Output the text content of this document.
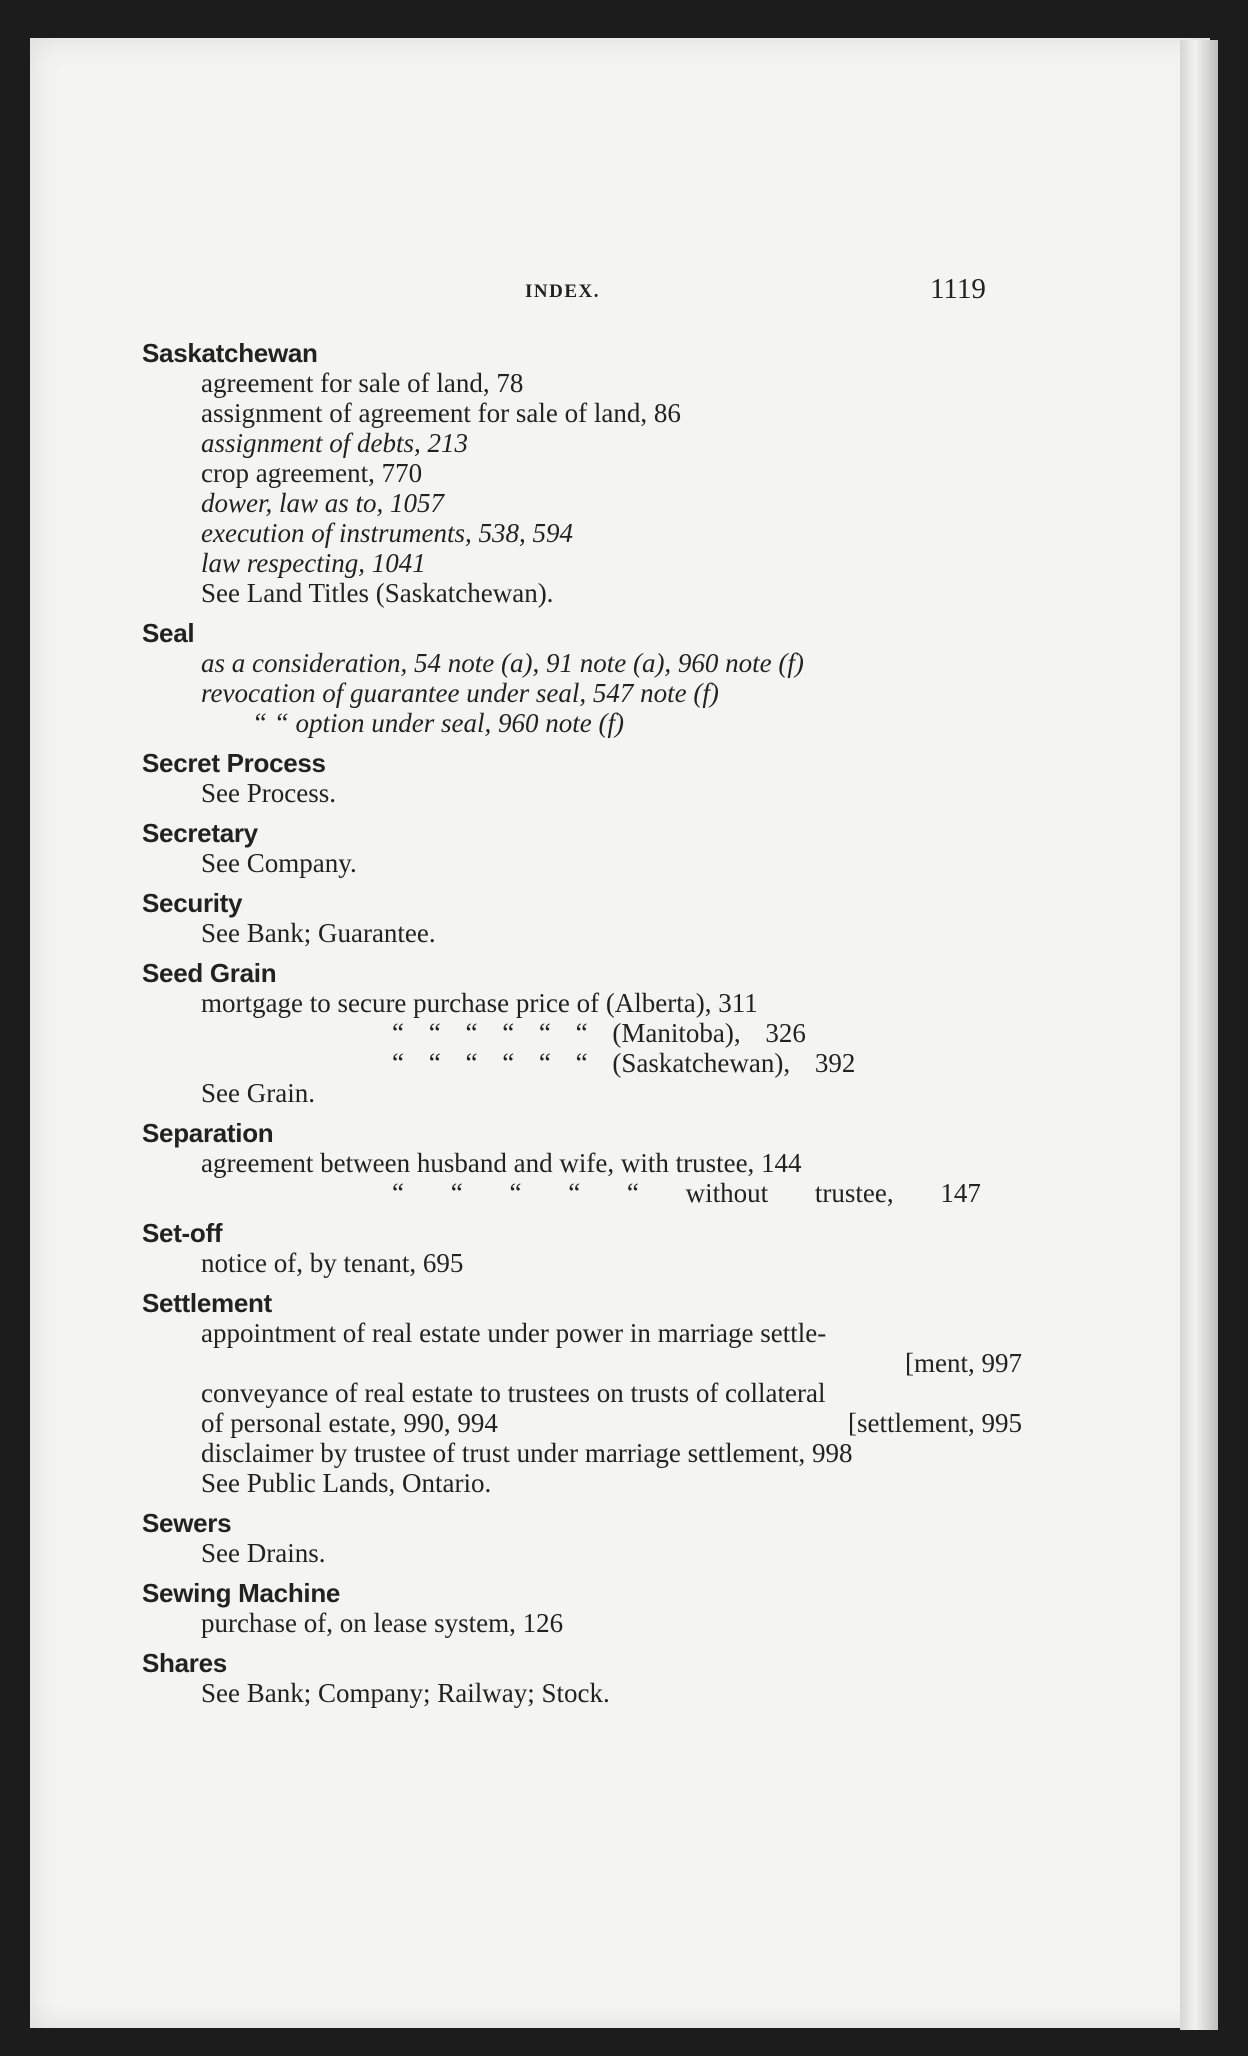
INDEX.	1119
Saskatchewan
agreement for sale of land, 78
assignment of agreement for sale of land, 86
assignment of debts, 213
crop agreement, 770
dower, law as to, 1057
execution of instruments, 538, 594
law respecting, 1041
See Land Titles (Saskatchewan).
Seal
as a consideration, 54 note (a), 91 note (a), 960 note (f)
revocation of guarantee under seal, 547 note (f)
“ “ option under seal, 960 note (f)
Secret Process
See Process.
Secretary
See Company.
Security
See Bank; Guarantee.
Seed Grain
mortgage to secure purchase price of (Alberta), 311
“ “ “ “ “ “ (Manitoba), 326
“ “ “ “ “ “ (Saskatchewan), 392
See Grain.
Separation
agreement between husband and wife, with trustee, 144
“ “ “ “ “ without trustee, 147
Set-off
notice of, by tenant, 695
Settlement
appointment of real estate under power in marriage settle-
[ment, 997
conveyance of real estate to trustees on trusts of collateral
of personal estate, 990, 994	[settlement, 995
disclaimer by trustee of trust under marriage settlement, 998
See Public Lands, Ontario.
Sewers
See Drains.
Sewing Machine
purchase of, on lease system, 126
Shares
See Bank; Company; Railway; Stock.
